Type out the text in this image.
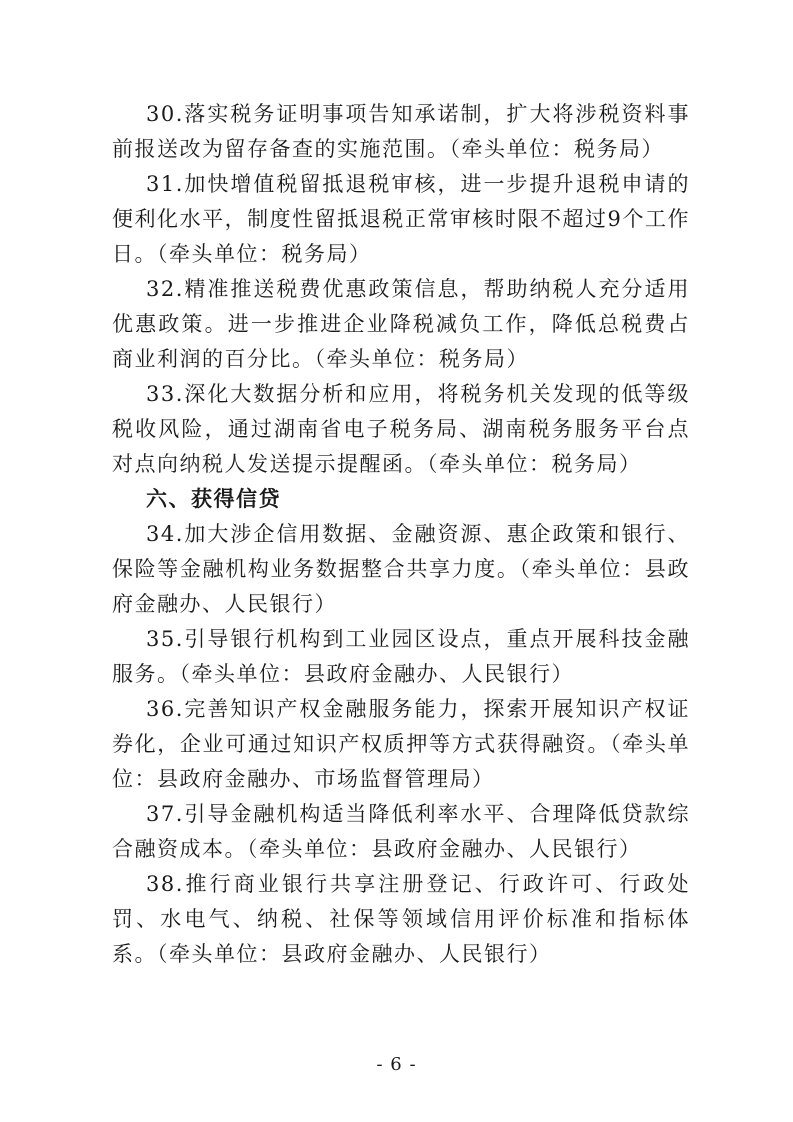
30.落实税务证明事项告知承诺制，扩大将涉税资料事前报送改为留存备查的实施范围。（牵头单位：税务局）

31.加快增值税留抵退税审核，进一步提升退税申请的便利化水平，制度性留抵退税正常审核时限不超过9个工作日。（牵头单位：税务局）

32.精准推送税费优惠政策信息，帮助纳税人充分适用优惠政策。进一步推进企业降税减负工作，降低总税费占商业利润的百分比。（牵头单位：税务局）

33.深化大数据分析和应用，将税务机关发现的低等级税收风险，通过湖南省电子税务局、湖南税务服务平台点对点向纳税人发送提示提醒函。（牵头单位：税务局）

六、获得信贷

34.加大涉企信用数据、金融资源、惠企政策和银行、保险等金融机构业务数据整合共享力度。（牵头单位：县政府金融办、人民银行）

35.引导银行机构到工业园区设点，重点开展科技金融服务。（牵头单位：县政府金融办、人民银行）

36.完善知识产权金融服务能力，探索开展知识产权证券化，企业可通过知识产权质押等方式获得融资。（牵头单位：县政府金融办、市场监督管理局）

37.引导金融机构适当降低利率水平、合理降低贷款综合融资成本。（牵头单位：县政府金融办、人民银行）

38.推行商业银行共享注册登记、行政许可、行政处罚、水电气、纳税、社保等领域信用评价标准和指标体系。（牵头单位：县政府金融办、人民银行）

- 6 -
